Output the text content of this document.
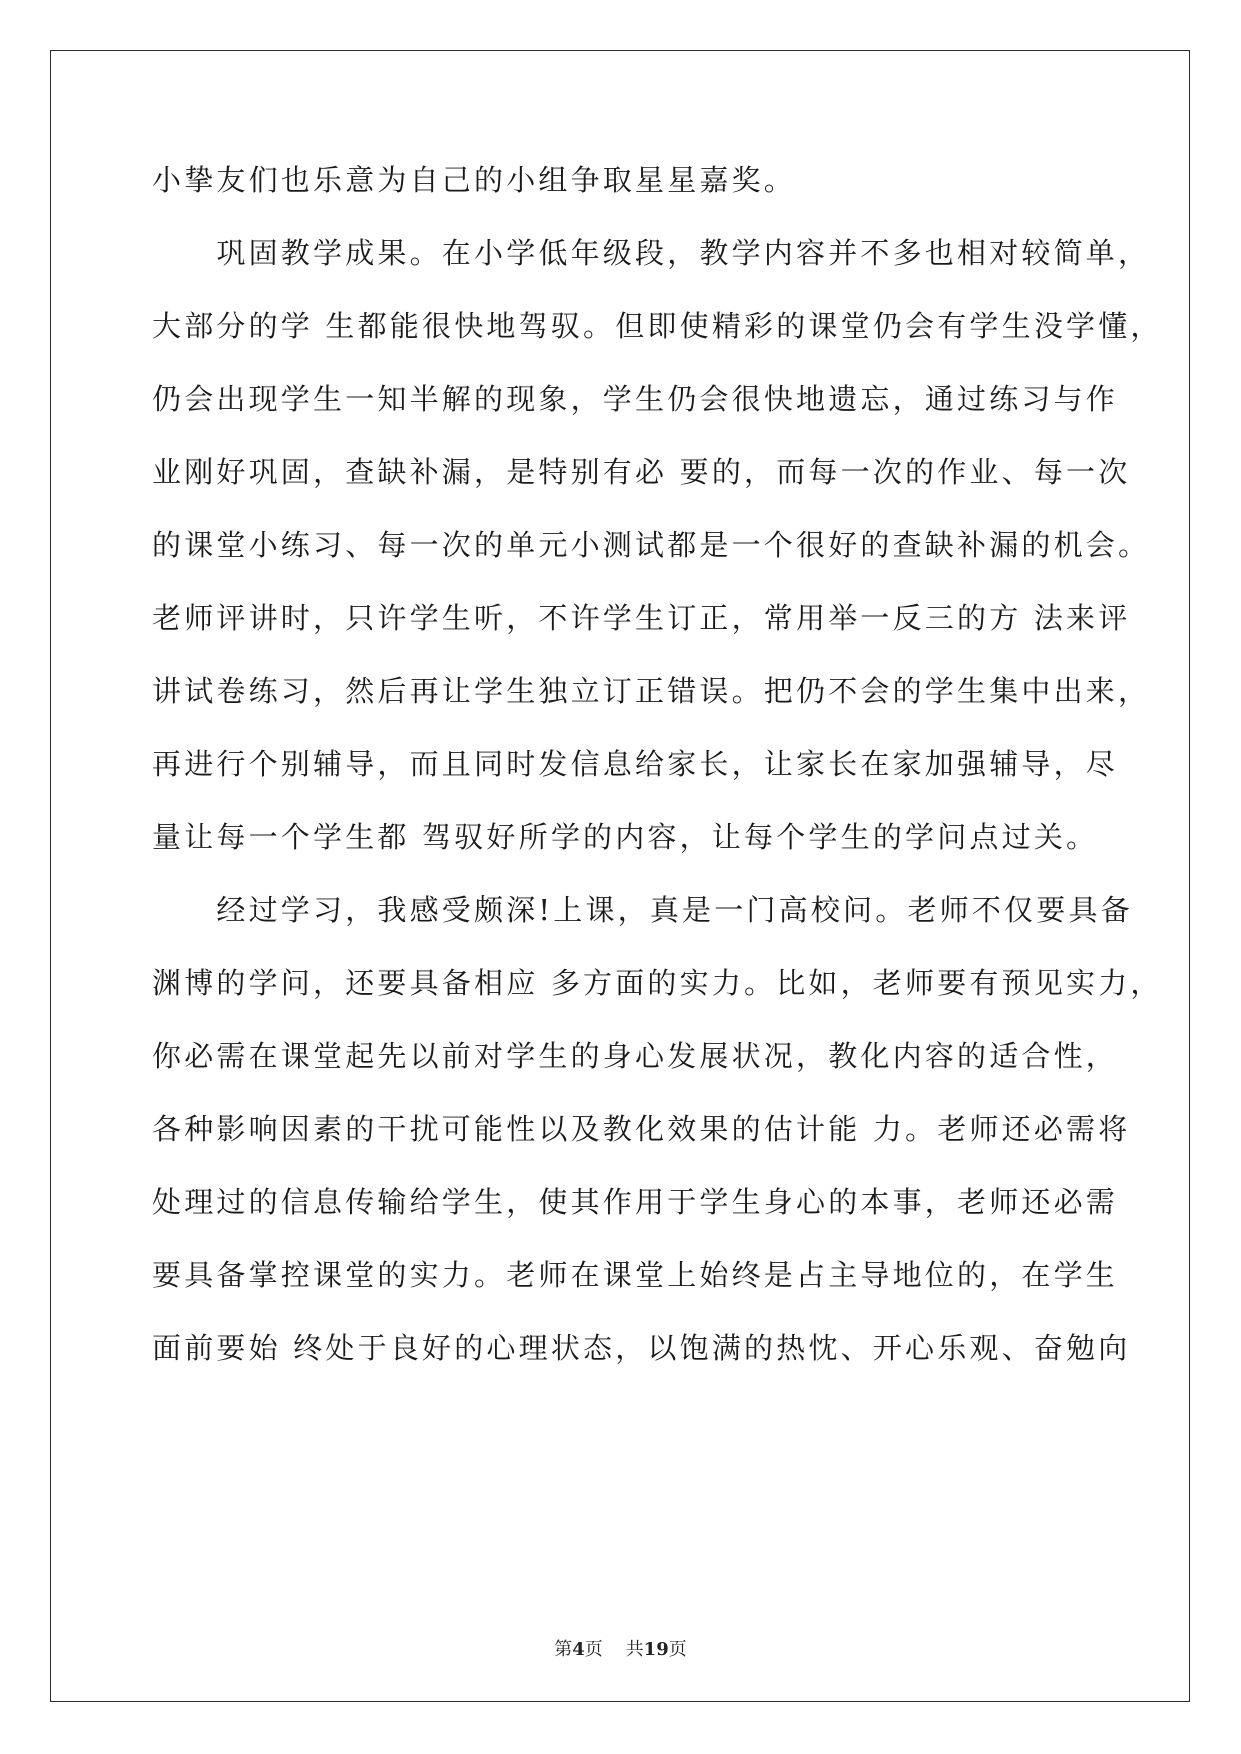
小挚友们也乐意为自己的小组争取星星嘉奖。
　　巩固教学成果。在小学低年级段，教学内容并不多也相对较简单，
大部分的学 生都能很快地驾驭。但即使精彩的课堂仍会有学生没学懂，
仍会出现学生一知半解的现象，学生仍会很快地遗忘，通过练习与作
业刚好巩固，查缺补漏，是特别有必 要的，而每一次的作业、每一次
的课堂小练习、每一次的单元小测试都是一个很好的查缺补漏的机会。
老师评讲时，只许学生听，不许学生订正，常用举一反三的方 法来评
讲试卷练习，然后再让学生独立订正错误。把仍不会的学生集中出来，
再进行个别辅导，而且同时发信息给家长，让家长在家加强辅导，尽
量让每一个学生都 驾驭好所学的内容，让每个学生的学问点过关。
　　经过学习，我感受颇深!上课，真是一门高校问。老师不仅要具备
渊博的学问，还要具备相应 多方面的实力。比如，老师要有预见实力，
你必需在课堂起先以前对学生的身心发展状况，教化内容的适合性，
各种影响因素的干扰可能性以及教化效果的估计能 力。老师还必需将
处理过的信息传输给学生，使其作用于学生身心的本事，老师还必需
要具备掌控课堂的实力。老师在课堂上始终是占主导地位的，在学生
面前要始 终处于良好的心理状态，以饱满的热忱、开心乐观、奋勉向
第4页 共19页
